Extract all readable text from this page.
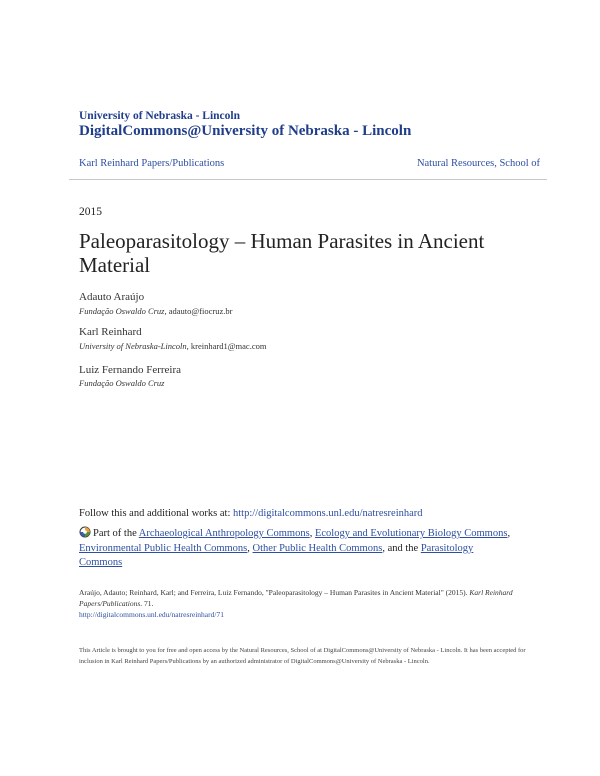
University of Nebraska - Lincoln
DigitalCommons@University of Nebraska - Lincoln
Karl Reinhard Papers/Publications	Natural Resources, School of
2015
Paleoparasitology – Human Parasites in Ancient Material
Adauto Araújo
Fundação Oswaldo Cruz, adauto@fiocruz.br
Karl Reinhard
University of Nebraska-Lincoln, kreinhard1@mac.com
Luiz Fernando Ferreira
Fundação Oswaldo Cruz
Follow this and additional works at: http://digitalcommons.unl.edu/natresreinhard
Part of the Archaeological Anthropology Commons, Ecology and Evolutionary Biology Commons, Environmental Public Health Commons, Other Public Health Commons, and the Parasitology Commons
Araújo, Adauto; Reinhard, Karl; and Ferreira, Luiz Fernando, "Paleoparasitology – Human Parasites in Ancient Material" (2015). Karl Reinhard Papers/Publications. 71.
http://digitalcommons.unl.edu/natresreinhard/71
This Article is brought to you for free and open access by the Natural Resources, School of at DigitalCommons@University of Nebraska - Lincoln. It has been accepted for inclusion in Karl Reinhard Papers/Publications by an authorized administrator of DigitalCommons@University of Nebraska - Lincoln.
